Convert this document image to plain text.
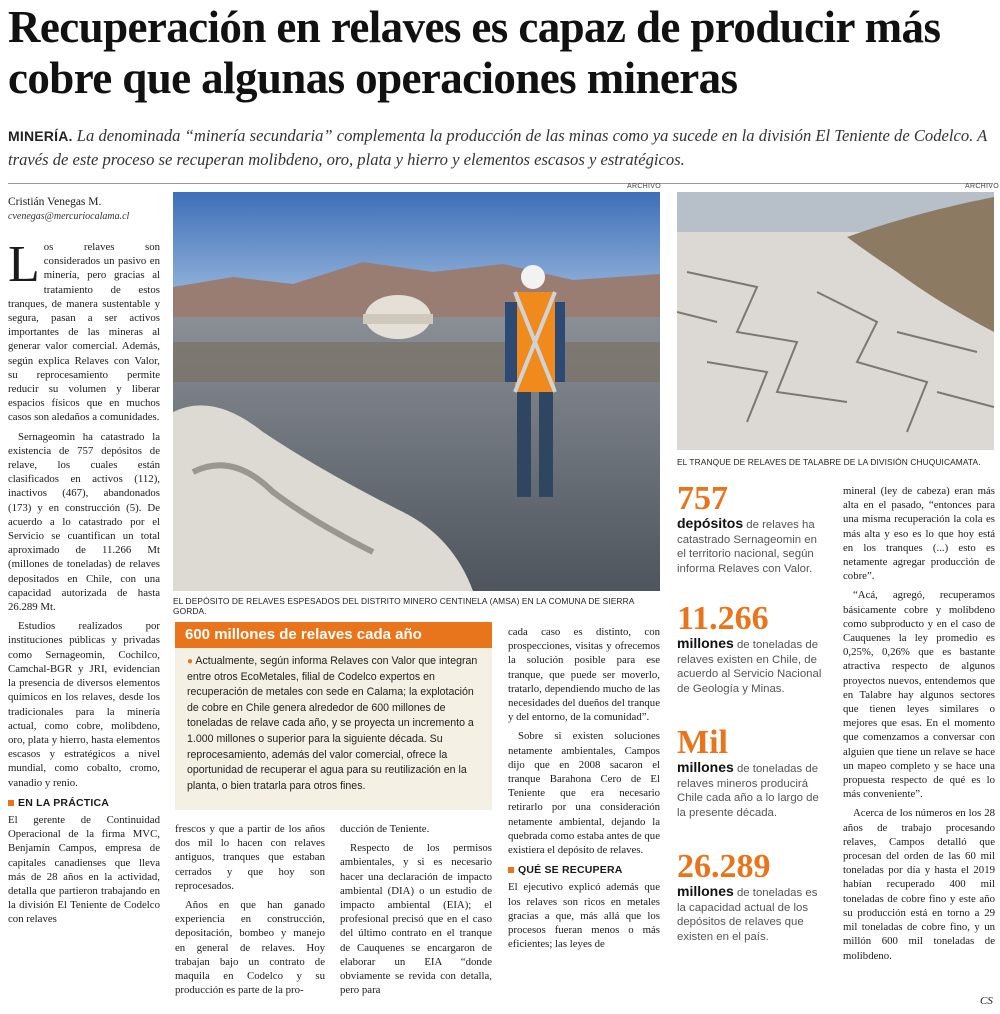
Recuperación en relaves es capaz de producir más cobre que algunas operaciones mineras

MINERÍA. La denominada “minería secundaria” complementa la producción de las minas como ya sucede en la división El Teniente de Codelco. A través de este proceso se recuperan molibdeno, oro, plata y hierro y elementos escasos y estratégicos.

Cristián Venegas M.
cvenegas@mercuriocalama.cl

Los relaves son considerados un pasivo en minería, pero gracias al tratamiento de estos tranques, de manera sustentable y segura, pasan a ser activos importantes de las mineras al generar valor comercial. Además, según explica Relaves con Valor, su reprocesamiento permite reducir su volumen y liberar espacios físicos que en muchos casos son aledaños a comunidades.

Sernageomin ha catastrado la existencia de 757 depósitos de relave, los cuales están clasificados en activos (112), inactivos (467), abandonados (173) y en construcción (5). De acuerdo a lo catastrado por el Servicio se cuantifican un total aproximado de 11.266 Mt (millones de toneladas) de relaves depositados en Chile, con una capacidad autorizada de hasta 26.289 Mt.

Estudios realizados por instituciones públicas y privadas como Sernageomin, Cochilco, Camchal-BGR y JRI, evidencian la presencia de diversos elementos químicos en los relaves, desde los tradicionales para la minería actual, como cobre, molibdeno, oro, plata y hierro, hasta elementos escasos y estratégicos a nivel mundial, como cobalto, cromo, vanadio y renio.

EN LA PRÁCTICA

El gerente de Continuidad Operacional de la firma MVC, Benjamín Campos, empresa de capitales canadienses que lleva más de 28 años en la actividad, detalla que partieron trabajando en la división El Teniente de Codelco con relaves

ARCHIVO
EL DEPÓSITO DE RELAVES ESPESADOS DEL DISTRITO MINERO CENTINELA (AMSA) EN LA COMUNA DE SIERRA GORDA.
ARCHIVO
EL TRANQUE DE RELAVES DE TALABRE DE LA DIVISIÓN CHUQUICAMATA.
600 millones de relaves cada año
● Actualmente, según informa Relaves con Valor que integran entre otros EcoMetales, filial de Codelco expertos en recuperación de metales con sede en Calama; la explotación de cobre en Chile genera alrededor de 600 millones de toneladas de relave cada año, y se proyecta un incremento a 1.000 millones o superior para la siguiente década. Su reprocesamiento, además del valor comercial, ofrece la oportunidad de recuperar el agua para su reutilización en la planta, o bien tratarla para otros fines.

frescos y que a partir de los años dos mil lo hacen con relaves antiguos, tranques que estaban cerrados y que hoy son reprocesados.

Años en que han ganado experiencia en construcción, depositación, bombeo y manejo en general de relaves. Hoy trabajan bajo un contrato de maquila en Codelco y su producción es parte de la pro-

ducción de Teniente.

Respecto de los permisos ambientales, y si es necesario hacer una declaración de impacto ambiental (DIA) o un estudio de impacto ambiental (EIA); el profesional precisó que en el caso del último contrato en el tranque de Cauquenes se encargaron de elaborar un EIA “donde obviamente se revida con detalla, pero para

cada caso es distinto, con prospecciones, visitas y ofrecemos la solución posible para ese tranque, que puede ser moverlo, tratarlo, dependiendo mucho de las necesidades del dueños del tranque y del entorno, de la comunidad”.

Sobre si existen soluciones netamente ambientales, Campos dijo que en 2008 sacaron el tranque Barahona Cero de El Teniente que era necesario retirarlo por una consideración netamente ambiental, dejando la quebrada como estaba antes de que existiera el depósito de relaves.

QUÉ SE RECUPERA

El ejecutivo explicó además que los relaves son ricos en metales gracias a que, más allá que los procesos fueran menos o más eficientes; las leyes de

757
depósitos de relaves ha catastrado Sernageomin en el territorio nacional, según informa Relaves con Valor.
11.266
millones de toneladas de relaves existen en Chile, de acuerdo al Servicio Nacional de Geología y Minas.
Mil
millones de toneladas de relaves mineros producirá Chile cada año a lo largo de la presente década.
26.289
millones de toneladas es la capacidad actual de los depósitos de relaves que existen en el país.

mineral (ley de cabeza) eran más alta en el pasado, “entonces para una misma recuperación la cola es más alta y eso es lo que hoy está en los tranques (...) esto es netamente agregar producción de cobre”.

“Acá, agregó, recuperamos básicamente cobre y molibdeno como subproducto y en el caso de Cauquenes la ley promedio es 0,25%, 0,26% que es bastante atractiva respecto de algunos proyectos nuevos, entendemos que en Talabre hay algunos sectores que tienen leyes similares o mejores que esas. En el momento que comenzamos a conversar con alguien que tiene un relave se hace un mapeo completo y se hace una propuesta respecto de qué es lo más conveniente”.

Acerca de los números en los 28 años de trabajo procesando relaves, Campos detalló que procesan del orden de las 60 mil toneladas por día y hasta el 2019 habían recuperado 400 mil toneladas de cobre fino y este año su producción está en torno a 29 mil toneladas de cobre fino, y un millón 600 mil toneladas de molibdeno.

CS
